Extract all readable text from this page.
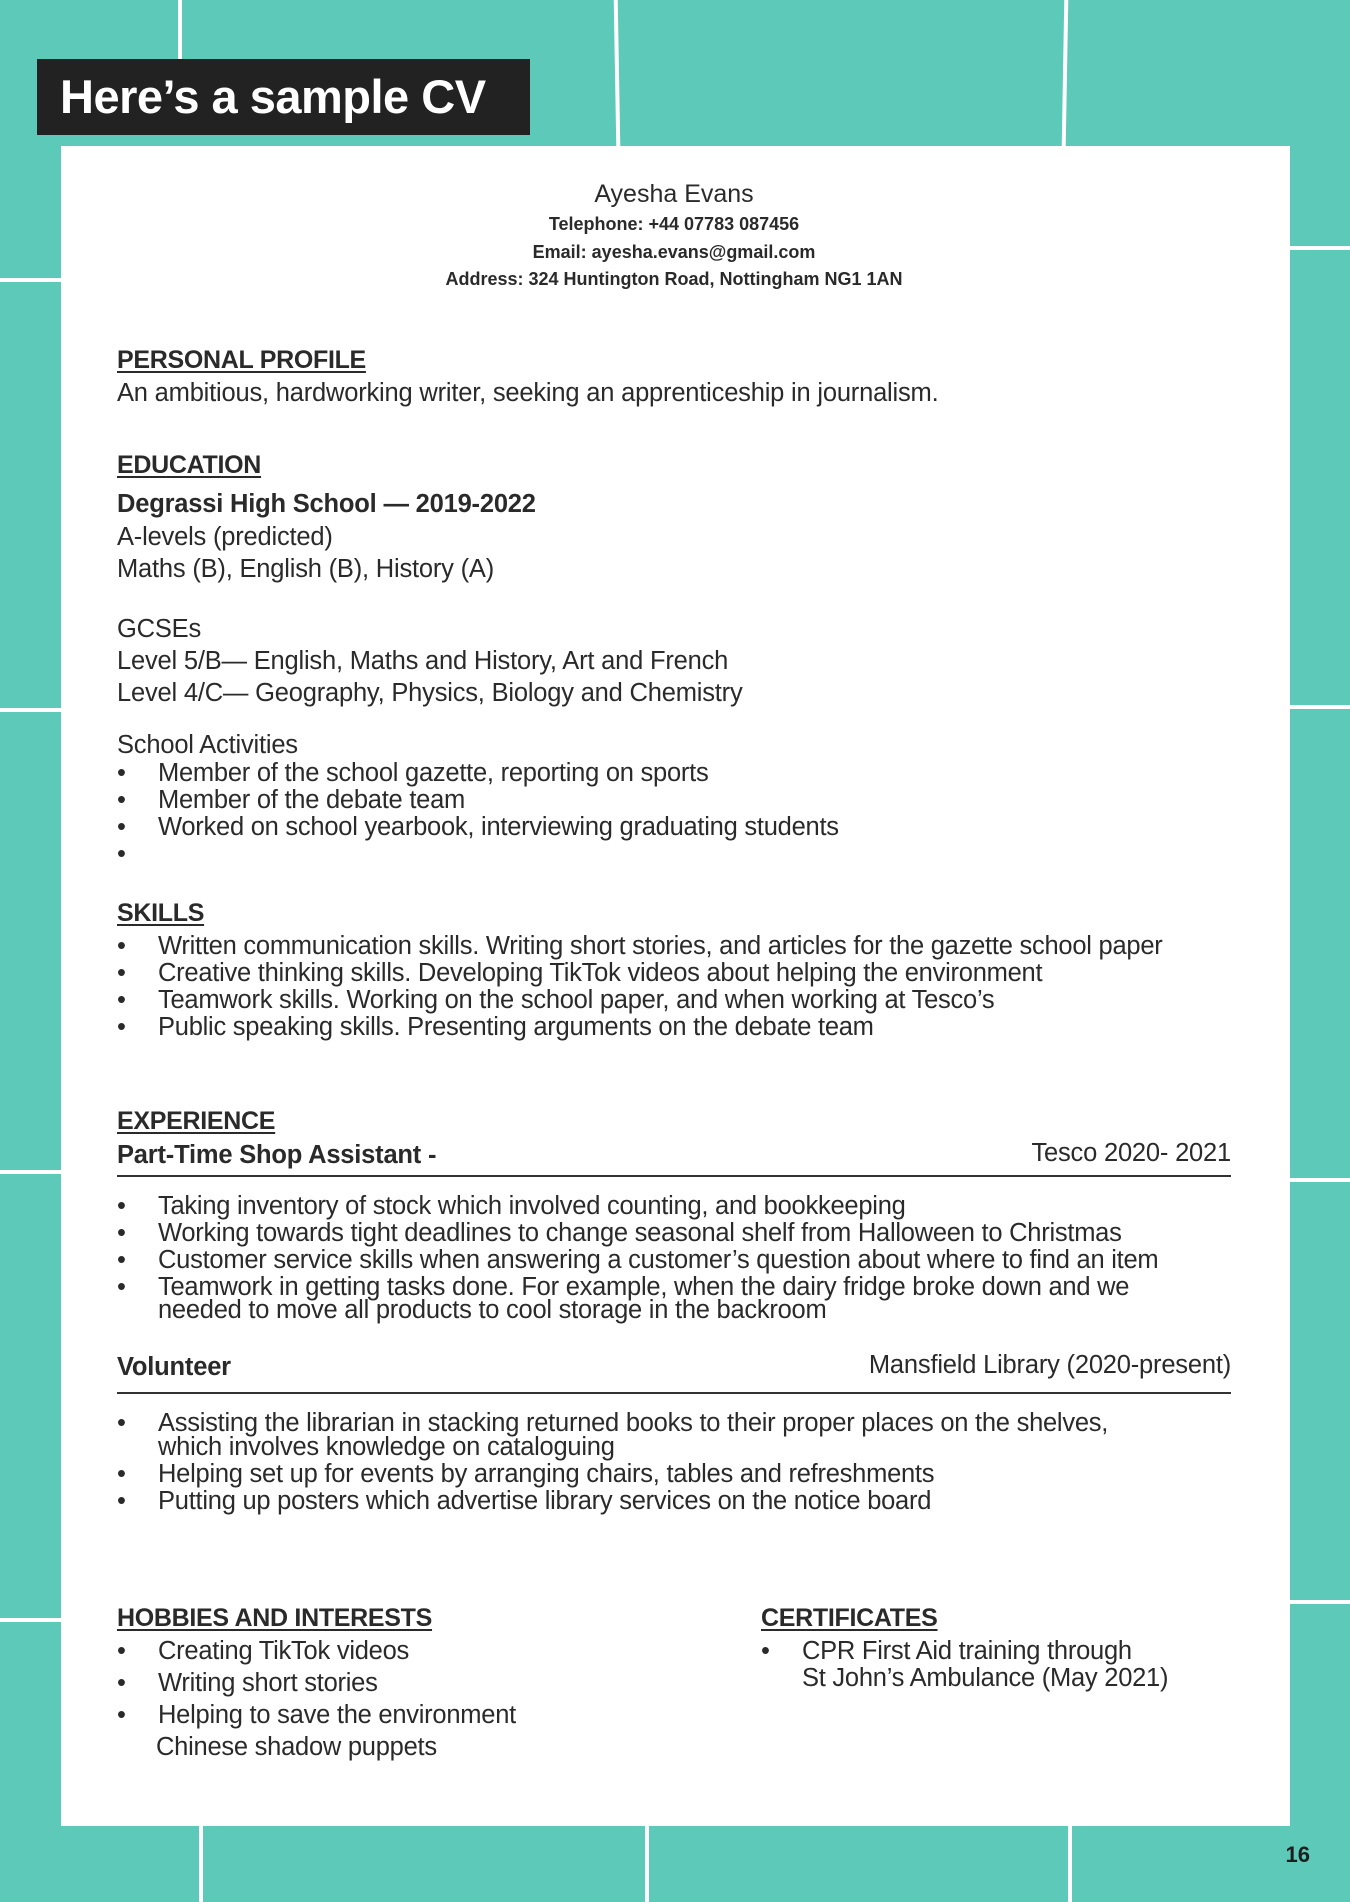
Here’s a sample CV
Ayesha Evans
Telephone: +44 07783 087456
Email: ayesha.evans@gmail.com
Address: 324 Huntington Road, Nottingham NG1 1AN
PERSONAL PROFILE
An ambitious, hardworking writer, seeking an apprenticeship in journalism.
EDUCATION
Degrassi High School — 2019-2022
A-levels (predicted)
Maths (B), English (B), History (A)
GCSEs
Level 5/B— English, Maths and History, Art and French
Level 4/C— Geography, Physics, Biology and Chemistry
School Activities
• Member of the school gazette, reporting on sports
• Member of the debate team
• Worked on school yearbook, interviewing graduating students
•
SKILLS
• Written communication skills. Writing short stories, and articles for the gazette school paper
• Creative thinking skills. Developing TikTok videos about helping the environment
• Teamwork skills. Working on the school paper, and when working at Tesco’s
• Public speaking skills. Presenting arguments on the debate team
EXPERIENCE
Part-Time Shop Assistant -	Tesco 2020- 2021
• Taking inventory of stock which involved counting, and bookkeeping
• Working towards tight deadlines to change seasonal shelf from Halloween to Christmas
• Customer service skills when answering a customer’s question about where to find an item
• Teamwork in getting tasks done. For example, when the dairy fridge broke down and we
needed to move all products to cool storage in the backroom
Volunteer	Mansfield Library (2020-present)
• Assisting the librarian in stacking returned books to their proper places on the shelves,
which involves knowledge on cataloguing
• Helping set up for events by arranging chairs, tables and refreshments
• Putting up posters which advertise library services on the notice board
HOBBIES AND INTERESTS
• Creating TikTok videos
• Writing short stories
• Helping to save the environment
Chinese shadow puppets
CERTIFICATES
• CPR First Aid training through
St John’s Ambulance (May 2021)
16
